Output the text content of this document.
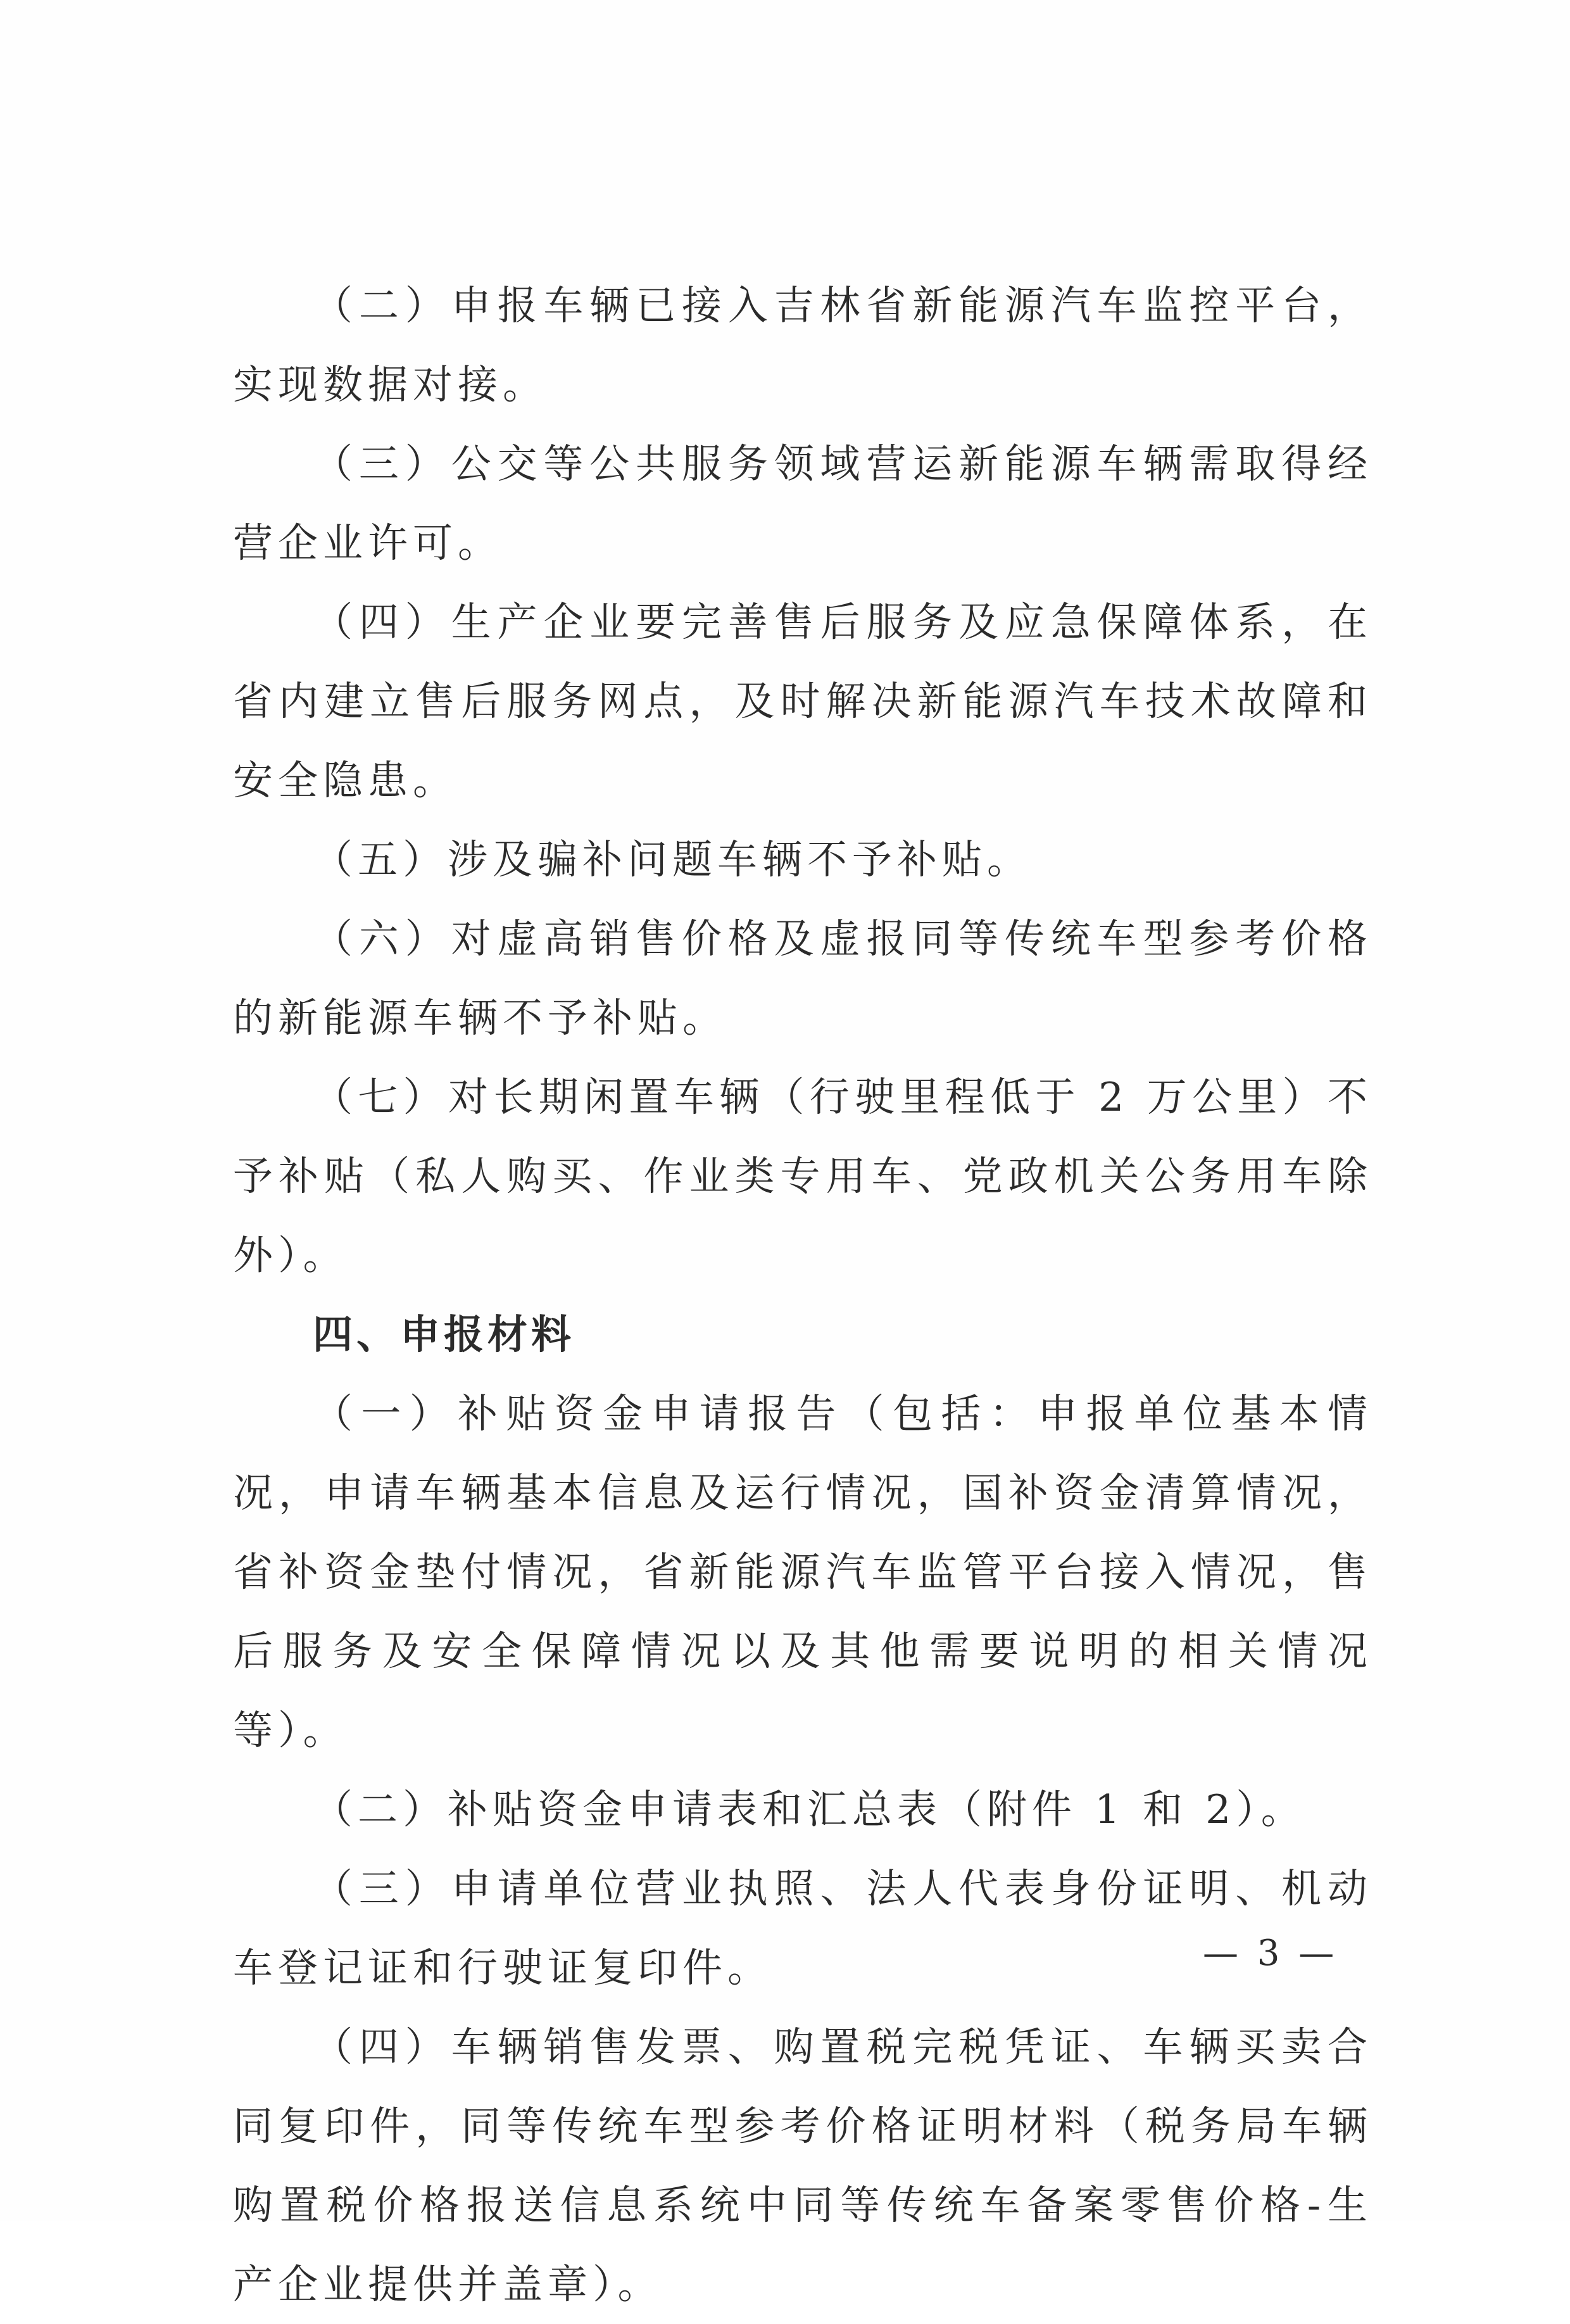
（二）申报车辆已接入吉林省新能源汽车监控平台，实现数据对接。

（三）公交等公共服务领域营运新能源车辆需取得经营企业许可。

（四）生产企业要完善售后服务及应急保障体系，在省内建立售后服务网点，及时解决新能源汽车技术故障和安全隐患。

（五）涉及骗补问题车辆不予补贴。

（六）对虚高销售价格及虚报同等传统车型参考价格的新能源车辆不予补贴。

（七）对长期闲置车辆（行驶里程低于 2 万公里）不予补贴（私人购买、作业类专用车、党政机关公务用车除外）。

四、申报材料

（一）补贴资金申请报告（包括：申报单位基本情况，申请车辆基本信息及运行情况，国补资金清算情况，省补资金垫付情况，省新能源汽车监管平台接入情况，售后服务及安全保障情况以及其他需要说明的相关情况等）。

（二）补贴资金申请表和汇总表（附件 1 和 2）。

（三）申请单位营业执照、法人代表身份证明、机动车登记证和行驶证复印件。

（四）车辆销售发票、购置税完税凭证、车辆买卖合同复印件，同等传统车型参考价格证明材料（税务局车辆购置税价格报送信息系统中同等传统车备案零售价格-生产企业提供并盖章）。

— 3 —
